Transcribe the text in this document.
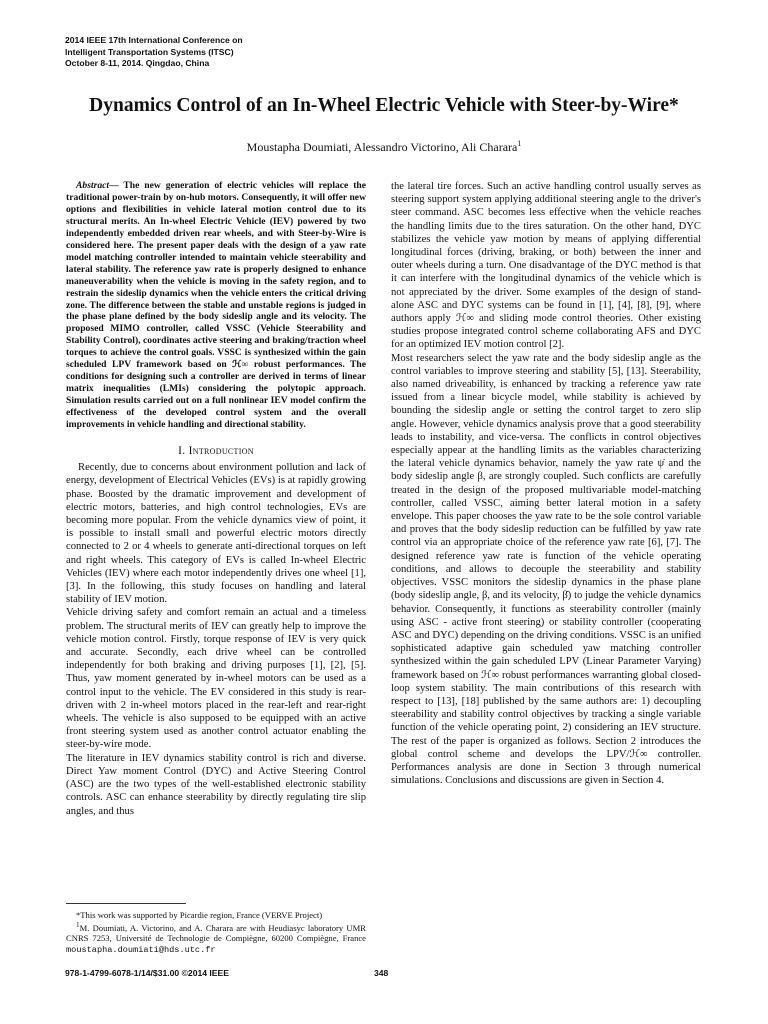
2014 IEEE 17th International Conference on
Intelligent Transportation Systems (ITSC)
October 8-11, 2014. Qingdao, China
Dynamics Control of an In-Wheel Electric Vehicle with Steer-by-Wire*
Moustapha Doumiati, Alessandro Victorino, Ali Charara$^1$

Abstract— The new generation of electric vehicles will replace the traditional power-train by on-hub motors. Consequently, it will offer new options and flexibilities in vehicle lateral motion control due to its structural merits. An In-wheel Electric Vehicle (IEV) powered by two independently embedded driven rear wheels, and with Steer-by-Wire is considered here. The present paper deals with the design of a yaw rate model matching controller intended to maintain vehicle steerability and lateral stability. The reference yaw rate is properly designed to enhance maneuverability when the vehicle is moving in the safety region, and to restrain the sideslip dynamics when the vehicle enters the critical driving zone. The difference between the stable and unstable regions is judged in the phase plane defined by the body sideslip angle and its velocity. The proposed MIMO controller, called VSSC (Vehicle Steerability and Stability Control), coordinates active steering and braking/traction wheel torques to achieve the control goals. VSSC is synthesized within the gain scheduled LPV framework based on ℋ∞ robust performances. The conditions for designing such a controller are derived in terms of linear matrix inequalities (LMIs) considering the polytopic approach. Simulation results carried out on a full nonlinear IEV model confirm the effectiveness of the developed control system and the overall improvements in vehicle handling and directional stability.

I. Introduction

Recently, due to concerns about environment pollution and lack of energy, development of Electrical Vehicles (EVs) is at rapidly growing phase. Boosted by the dramatic improvement and development of electric motors, batteries, and high control technologies, EVs are becoming more popular. From the vehicle dynamics view of point, it is possible to install small and powerful electric motors directly connected to 2 or 4 wheels to generate anti-directional torques on left and right wheels. This category of EVs is called In-wheel Electric Vehicles (IEV) where each motor independently drives one wheel [1], [3]. In the following, this study focuses on handling and lateral stability of IEV motion.

Vehicle driving safety and comfort remain an actual and a timeless problem. The structural merits of IEV can greatly help to improve the vehicle motion control. Firstly, torque response of IEV is very quick and accurate. Secondly, each drive wheel can be controlled independently for both braking and driving purposes [1], [2], [5]. Thus, yaw moment generated by in-wheel motors can be used as a control input to the vehicle. The EV considered in this study is rear-driven with 2 in-wheel motors placed in the rear-left and rear-right wheels. The vehicle is also supposed to be equipped with an active front steering system used as another control actuator enabling the steer-by-wire mode.

The literature in IEV dynamics stability control is rich and diverse. Direct Yaw moment Control (DYC) and Active Steering Control (ASC) are the two types of the well-established electronic stability controls. ASC can enhance steerability by directly regulating tire slip angles, and thus

the lateral tire forces. Such an active handling control usually serves as steering support system applying additional steering angle to the driver's steer command. ASC becomes less effective when the vehicle reaches the handling limits due to the tires saturation. On the other hand, DYC stabilizes the vehicle yaw motion by means of applying differential longitudinal forces (driving, braking, or both) between the inner and outer wheels during a turn. One disadvantage of the DYC method is that it can interfere with the longitudinal dynamics of the vehicle which is not appreciated by the driver. Some examples of the design of stand-alone ASC and DYC systems can be found in [1], [4], [8], [9], where authors apply ℋ∞ and sliding mode control theories. Other existing studies propose integrated control scheme collaborating AFS and DYC for an optimized IEV motion control [2].

Most researchers select the yaw rate and the body sideslip angle as the control variables to improve steering and stability [5], [13]. Steerability, also named driveability, is enhanced by tracking a reference yaw rate issued from a linear bicycle model, while stability is achieved by bounding the sideslip angle or setting the control target to zero slip angle. However, vehicle dynamics analysis prove that a good steerability leads to instability, and vice-versa. The conflicts in control objectives especially appear at the handling limits as the variables characterizing the lateral vehicle dynamics behavior, namely the yaw rate ψ̇ and the body sideslip angle β, are strongly coupled. Such conflicts are carefully treated in the design of the proposed multivariable model-matching controller, called VSSC, aiming better lateral motion in a safety envelope. This paper chooses the yaw rate to be the sole control variable and proves that the body sideslip reduction can be fulfilled by yaw rate control via an appropriate choice of the reference yaw rate [6], [7]. The designed reference yaw rate is function of the vehicle operating conditions, and allows to decouple the steerability and stability objectives. VSSC monitors the sideslip dynamics in the phase plane (body sideslip angle, β, and its velocity, β̇) to judge the vehicle dynamics behavior. Consequently, it functions as steerability controller (mainly using ASC - active front steering) or stability controller (cooperating ASC and DYC) depending on the driving conditions. VSSC is an unified sophisticated adaptive gain scheduled yaw matching controller synthesized within the gain scheduled LPV (Linear Parameter Varying) framework based on ℋ∞ robust performances warranting global closed-loop system stability. The main contributions of this research with respect to [13], [18] published by the same authors are: 1) decoupling steerability and stability control objectives by tracking a single variable function of the vehicle operating point, 2) considering an IEV structure. The rest of the paper is organized as follows. Section 2 introduces the global control scheme and develops the LPV/ℋ∞ controller. Performances analysis are done in Section 3 through numerical simulations. Conclusions and discussions are given in Section 4.

*This work was supported by Picardie region, France (VERVE Project)

$^1$M. Doumiati, A. Victorino, and A. Charara are with Heudiasyc laboratory UMR CNRS 7253, Université de Technologie de Compiègne, 60200 Compiègne, France moustapha.doumiati@hds.utc.fr

978-1-4799-6078-1/14/$31.00 ©2014 IEEE	348
